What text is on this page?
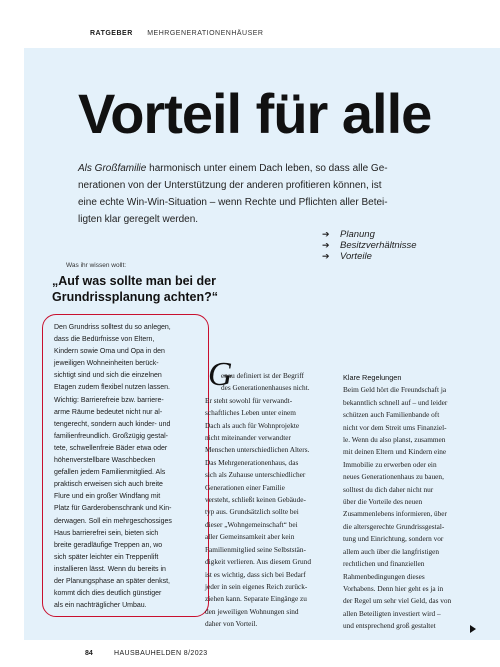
RATGEBER MEHRGENERATIONENHÄUSER
Vorteil für alle
Als Großfamilie harmonisch unter einem Dach leben, so dass alle Ge-
nerationen von der Unterstützung der anderen profitieren können, ist
eine echte Win-Win-Situation – wenn Rechte und Pflichten aller Betei-
ligten klar geregelt werden.
➔	Planung
➔	Besitzverhältnisse
➔	Vorteile
Was ihr wissen wollt:
„Auf was sollte man bei der
Grundrissplanung achten?“
Den Grundriss solltest du so anlegen,
dass die Bedürfnisse von Eltern,
Kindern sowie Oma und Opa in den
jeweiligen Wohneinheiten berück-
sichtigt sind und sich die einzelnen
Etagen zudem flexibel nutzen lassen.
Wichtig: Barrierefreie bzw. barriere-
arme Räume bedeutet nicht nur al-
tengerecht, sondern auch kinder- und
familienfreundlich. Großzügig gestal-
tete, schwellenfreie Bäder etwa oder
höhenverstellbare Waschbecken
gefallen jedem Familienmitglied. Als
praktisch erweisen sich auch breite
Flure und ein großer Windfang mit
Platz für Garderobenschrank und Kin-
derwagen. Soll ein mehrgeschossiges
Haus barrierefrei sein, bieten sich
breite geradläufige Treppen an, wo
sich später leichter ein Treppenlift
installieren lässt. Wenn du bereits in
der Planungsphase an später denkst,
kommt dich dies deutlich günstiger
als ein nachträglicher Umbau.
G
enau definiert ist der Begriff
des Generationenhauses nicht.
Er steht sowohl für verwandt-
schaftliches Leben unter einem
Dach als auch für Wohnprojekte
nicht miteinander verwandter
Menschen unterschiedlichen Alters.
Das Mehrgenerationenhaus, das
sich als Zuhause unterschiedlicher
Generationen einer Familie
versteht, schließt keinen Gebäude-
typ aus. Grundsätzlich sollte bei
dieser „Wohngemeinschaft“ bei
aller Gemeinsamkeit aber kein
Familienmitglied seine Selbststän-
digkeit verlieren. Aus diesem Grund
ist es wichtig, dass sich bei Bedarf
jeder in sein eigenes Reich zurück-
ziehen kann. Separate Eingänge zu
den jeweiligen Wohnungen sind
daher von Vorteil.
Klare Regelungen
Beim Geld hört die Freundschaft ja
bekanntlich schnell auf – und leider
schützen auch Familienbande oft
nicht vor dem Streit ums Finanziel-
le. Wenn du also planst, zusammen
mit deinen Eltern und Kindern eine
Immobilie zu erwerben oder ein
neues Generationenhaus zu bauen,
solltest du dich daher nicht nur
über die Vorteile des neuen
Zusammenlebens informieren, über
die altersgerechte Grundrissgestal-
tung und Einrichtung, sondern vor
allem auch über die langfristigen
rechtlichen und finanziellen
Rahmenbedingungen dieses
Vorhabens. Denn hier geht es ja in
der Regel um sehr viel Geld, das von
allen Beteiligten investiert wird –
und entsprechend groß gestaltet
84	HAUSBAUHELDEN 8/2023
